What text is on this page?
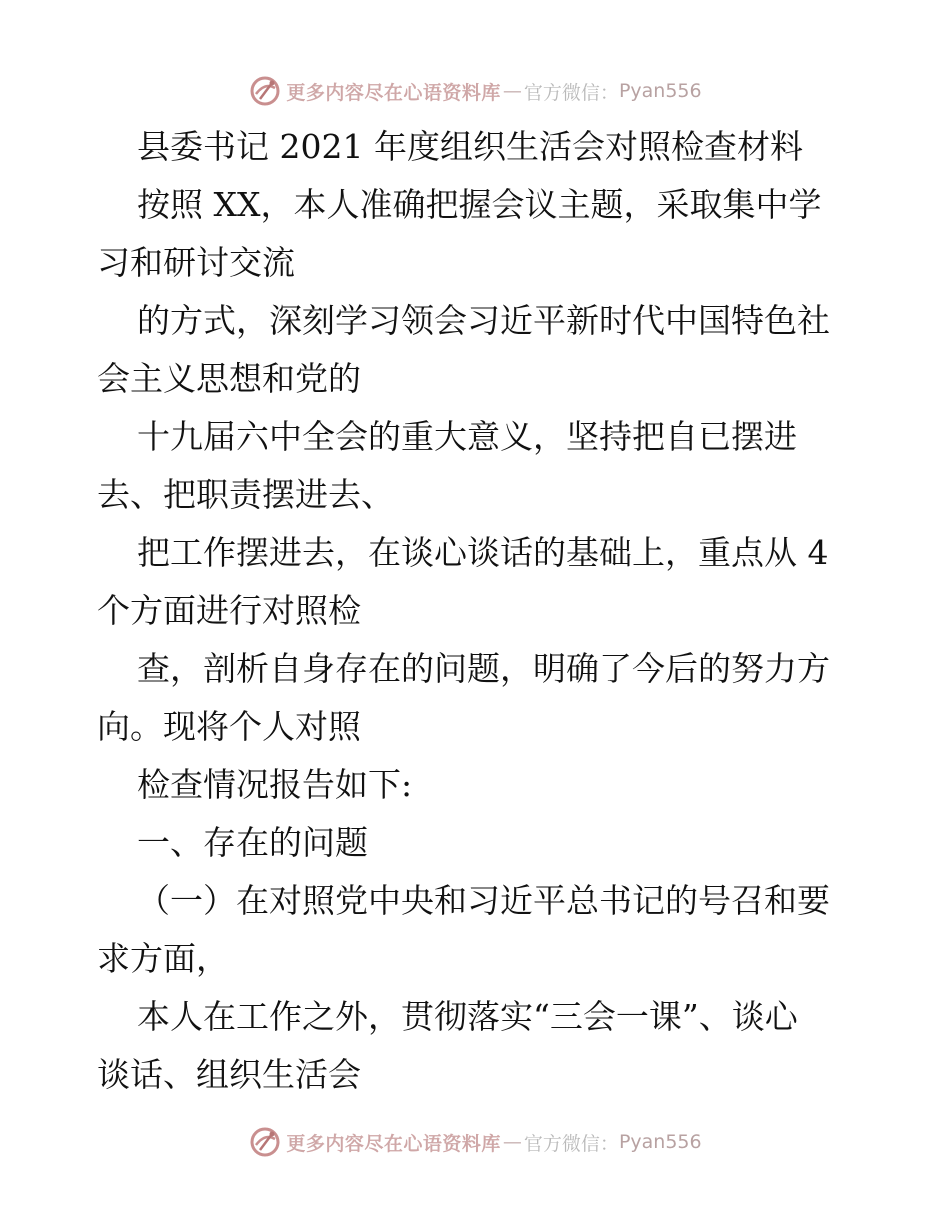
更多内容尽在心语资料库 — 官方微信： Pyan556
县委书记 2021 年度组织生活会对照检查材料
按照 XX，本人准确把握会议主题，采取集中学
习和研讨交流
的方式，深刻学习领会习近平新时代中国特色社
会主义思想和党的
十九届六中全会的重大意义，坚持把自已摆进
去、把职责摆进去、
把工作摆进去，在谈心谈话的基础上，重点从 4
个方面进行对照检
查，剖析自身存在的问题，明确了今后的努力方
向。现将个人对照
检查情况报告如下:
一、存在的问题
（一）在对照党中央和习近平总书记的号召和要
求方面，
本人在工作之外，贯彻落实“三会一课”、谈心
谈话、组织生活会
更多内容尽在心语资料库 — 官方微信： Pyan556
